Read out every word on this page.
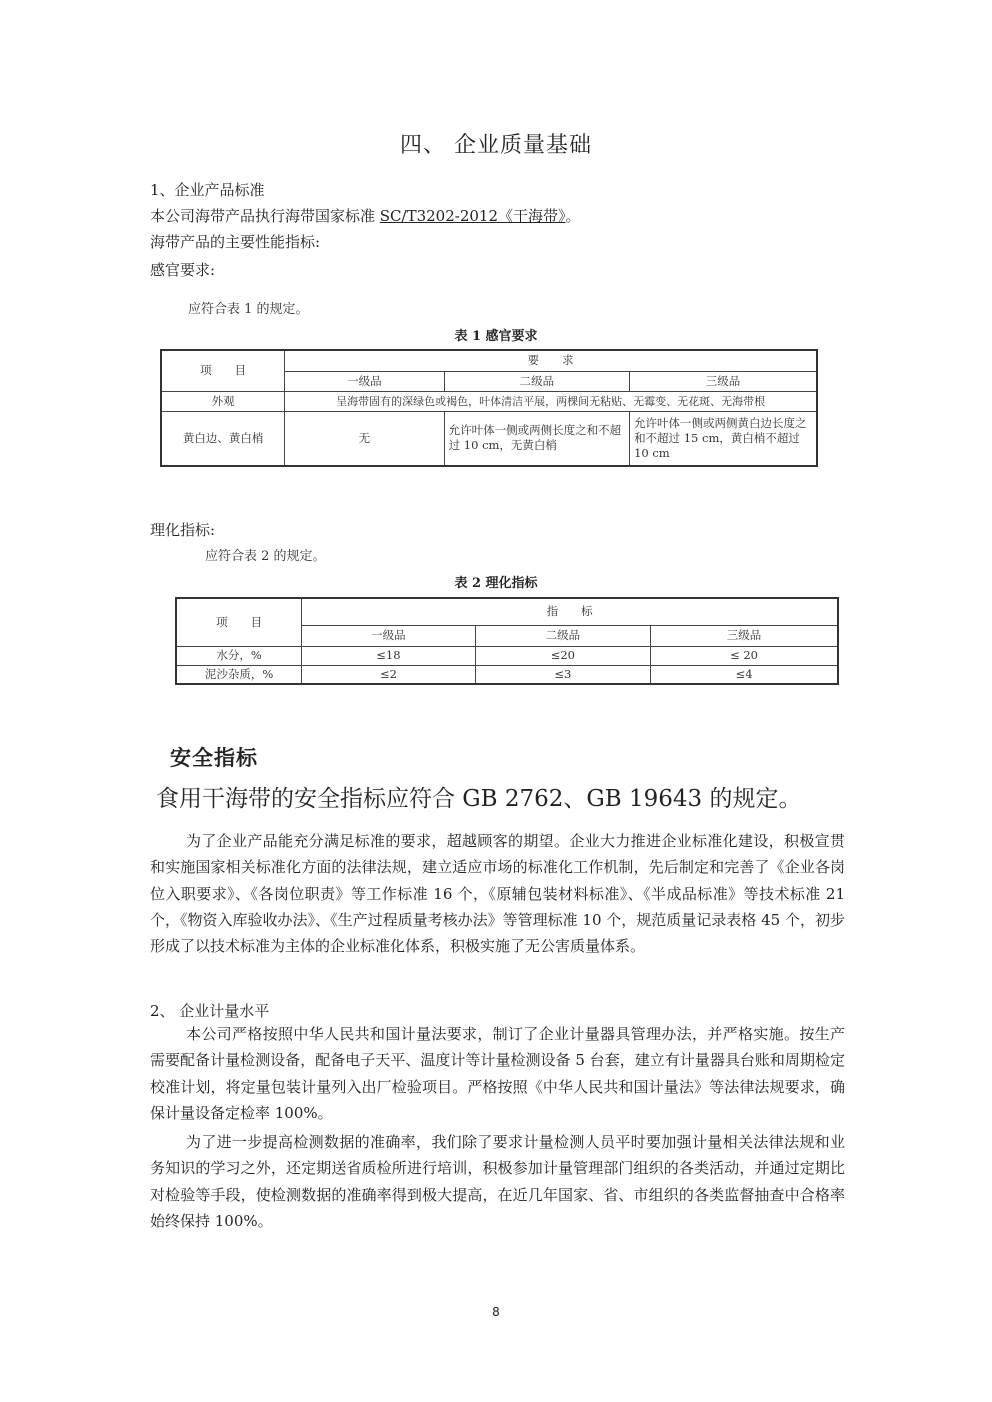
四、 企业质量基础
1、企业产品标准
本公司海带产品执行海带国家标准 SC/T3202-2012《干海带》。
海带产品的主要性能指标:
感官要求:
应符合表 1 的规定。
表 1 感官要求
项　　目	要　　求		
	一级品	二级品	三级品
外观	呈海带固有的深绿色或褐色，叶体清洁平展，两棵间无粘贴、无霉变、无花斑、无海带根		
黄白边、黄白梢	无	允许叶体一侧或两侧长度之和不超过 10 cm，无黄白梢	允许叶体一侧或两侧黄白边长度之和不超过 15 cm，黄白梢不超过 10 cm
理化指标:
应符合表 2 的规定。
表 2 理化指标
项　　目	指　　标		
	一级品	二级品	三级品
水分，%	≤18	≤20	≤ 20
泥沙杂质，%	≤2	≤3	≤4
安全指标
食用干海带的安全指标应符合 GB 2762、GB 19643 的规定。
为了企业产品能充分满足标准的要求，超越顾客的期望。企业大力推进企业标准化建设，积极宣贯和实施国家相关标准化方面的法律法规，建立适应市场的标准化工作机制，先后制定和完善了《企业各岗位入职要求》、《各岗位职责》等工作标准 16 个，《原辅包装材料标准》、《半成品标准》等技术标准 21 个，《物资入库验收办法》、《生产过程质量考核办法》等管理标准 10 个，规范质量记录表格 45 个，初步形成了以技术标准为主体的企业标准化体系，积极实施了无公害质量体系。
2、 企业计量水平
本公司严格按照中华人民共和国计量法要求，制订了企业计量器具管理办法，并严格实施。按生产需要配备计量检测设备，配备电子天平、温度计等计量检测设备 5 台套，建立有计量器具台账和周期检定校准计划，将定量包装计量列入出厂检验项目。严格按照《中华人民共和国计量法》等法律法规要求，确保计量设备定检率 100%。
为了进一步提高检测数据的准确率，我们除了要求计量检测人员平时要加强计量相关法律法规和业务知识的学习之外，还定期送省质检所进行培训，积极参加计量管理部门组织的各类活动，并通过定期比对检验等手段，使检测数据的准确率得到极大提高，在近几年国家、省、市组织的各类监督抽查中合格率始终保持 100%。
8
